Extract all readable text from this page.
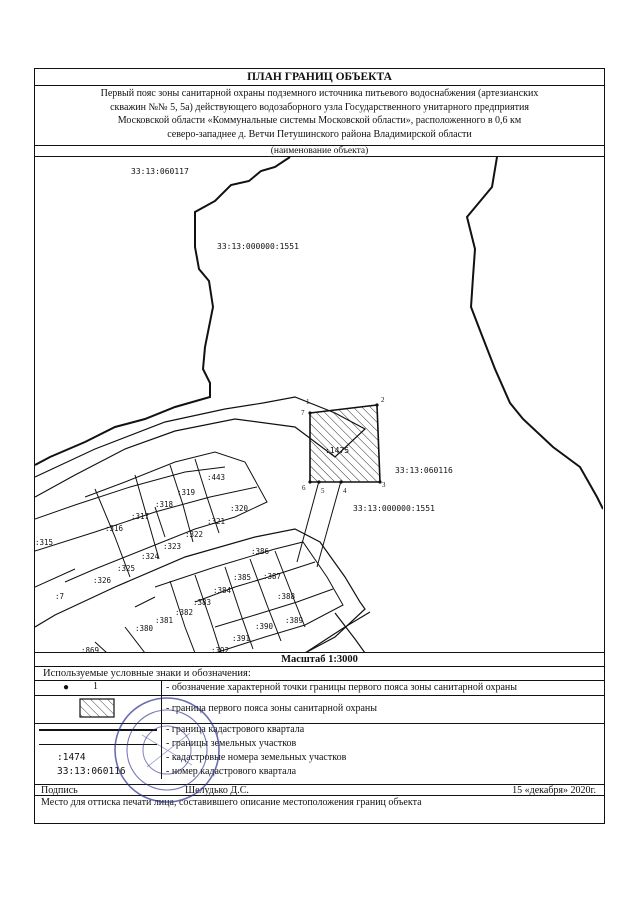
ПЛАН ГРАНИЦ ОБЪЕКТА
Первый пояс зоны санитарной охраны подземного источника питьевого водоснабжения (артезианских
скважин №№ 5, 5а) действующего водозаборного узла Государственного унитарного предприятия
Московской области «Коммунальные системы Московской области», расположенного в 0,6 км
северо-западнее д. Ветчи Петушинского района Владимирской области
(наименование объекта)
33:13:060117
33:13:000000:1551
33:13:060116
33:13:000000:1551
:1475
1	2
3
4
5
6
7
:443
:319
:318
:317
:320
:316
:321
:322
:323
:315
:324
:325
:326
:7
:386
:385 :387
:384
:388
:383
:382
:381
:380
:389
:390
:391
:392
:869
Масштаб 1:3000
Используемые условные знаки и обозначения:
● 1	- обозначение характерной точки границы первого пояса зоны санитарной охраны
- граница первого пояса зоны санитарной охраны
- граница кадастрового квартала
- границы земельных участков
:1474	- кадастровые номера земельных участков
33:13:060116	- номер кадастрового квартала
Подпись	Шелудько Д.С.	15 «декабря» 2020г.
Место для оттиска печати лица, составившего описание местоположения границ объекта
